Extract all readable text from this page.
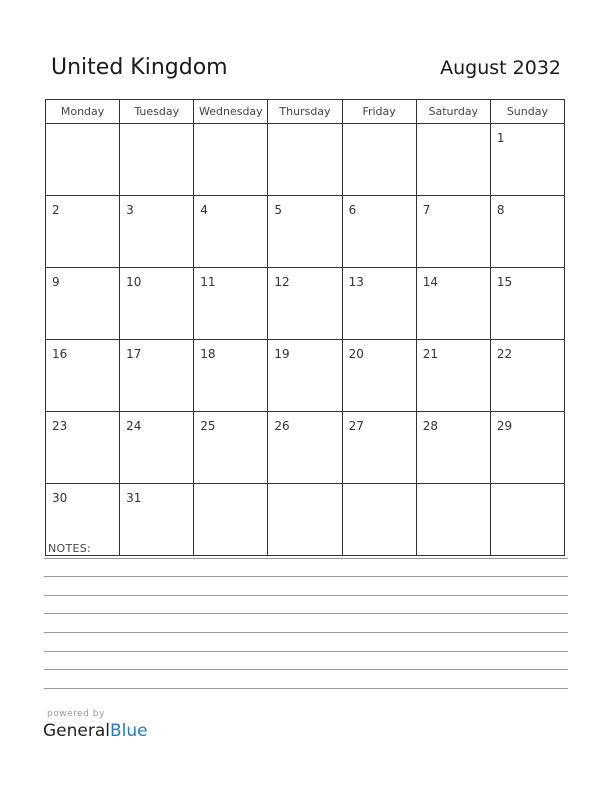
United Kingdom	August 2032
Monday	Tuesday	Wednesday	Thursday	Friday	Saturday	Sunday
						1
2	3	4	5	6	7	8
9	10	11	12	13	14	15
16	17	18	19	20	21	22
23	24	25	26	27	28	29
30	31					
NOTES:
powered by
GeneralBlue
